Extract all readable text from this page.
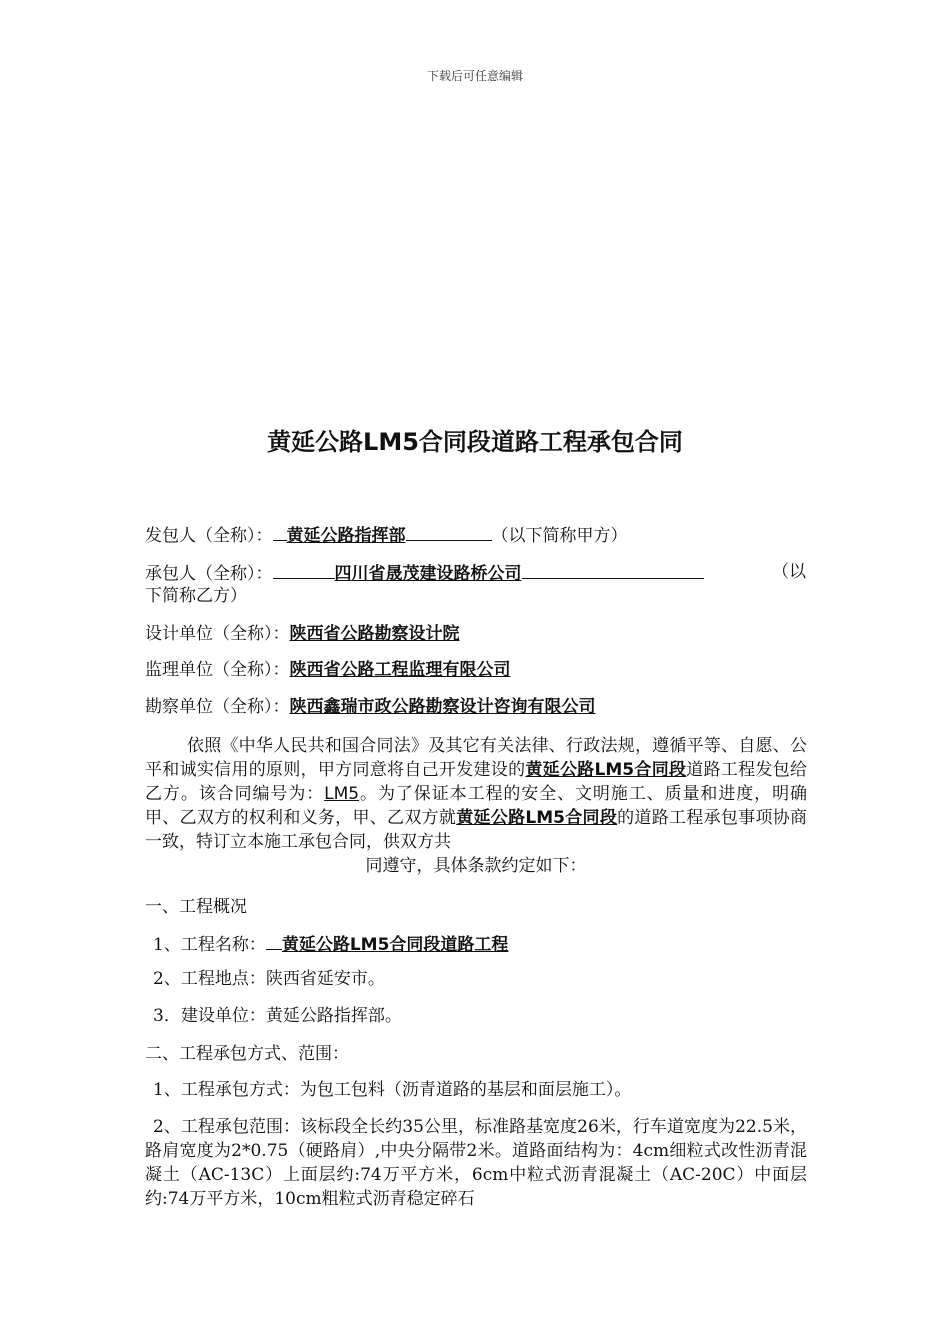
下载后可任意编辑
黄延公路LM5合同段道路工程承包合同
发包人（全称）： 黄延公路指挥部	（以下简称甲方）
承包人（全称）：	四川省晟茂建设路桥公司	（以
下简称乙方）
设计单位（全称）：陕西省公路勘察设计院
监理单位（全称）：陕西省公路工程监理有限公司
勘察单位（全称）：陕西鑫瑞市政公路勘察设计咨询有限公司
依照《中华人民共和国合同法》及其它有关法律、行政法规，遵循平等、自愿、公平和诚实信用的原则，甲方同意将自己开发建设的黄延公路LM5合同段道路工程发包给乙方。该合同编号为：LM5。为了保证本工程的安全、文明施工、质量和进度，明确甲、乙双方的权利和义务，甲、乙双方就黄延公路LM5合同段的道路工程承包事项协商一致，特订立本施工承包合同，供双方共
同遵守，具体条款约定如下：
一、工程概况
1、工程名称： 黄延公路LM5合同段道路工程
2、工程地点：陕西省延安市。
3．建设单位：黄延公路指挥部。
二、工程承包方式、范围：
1、工程承包方式：为包工包料（沥青道路的基层和面层施工）。
2、工程承包范围：该标段全长约35公里，标准路基宽度26米，行车道宽度为22.5米，路肩宽度为2*0.75（硬路肩）,中央分隔带2米。道路面结构为：4cm细粒式改性沥青混凝土（AC-13C）上面层约:74万平方米，6cm中粒式沥青混凝土（AC-20C）中面层约:74万平方米，10cm粗粒式沥青稳定碎石
